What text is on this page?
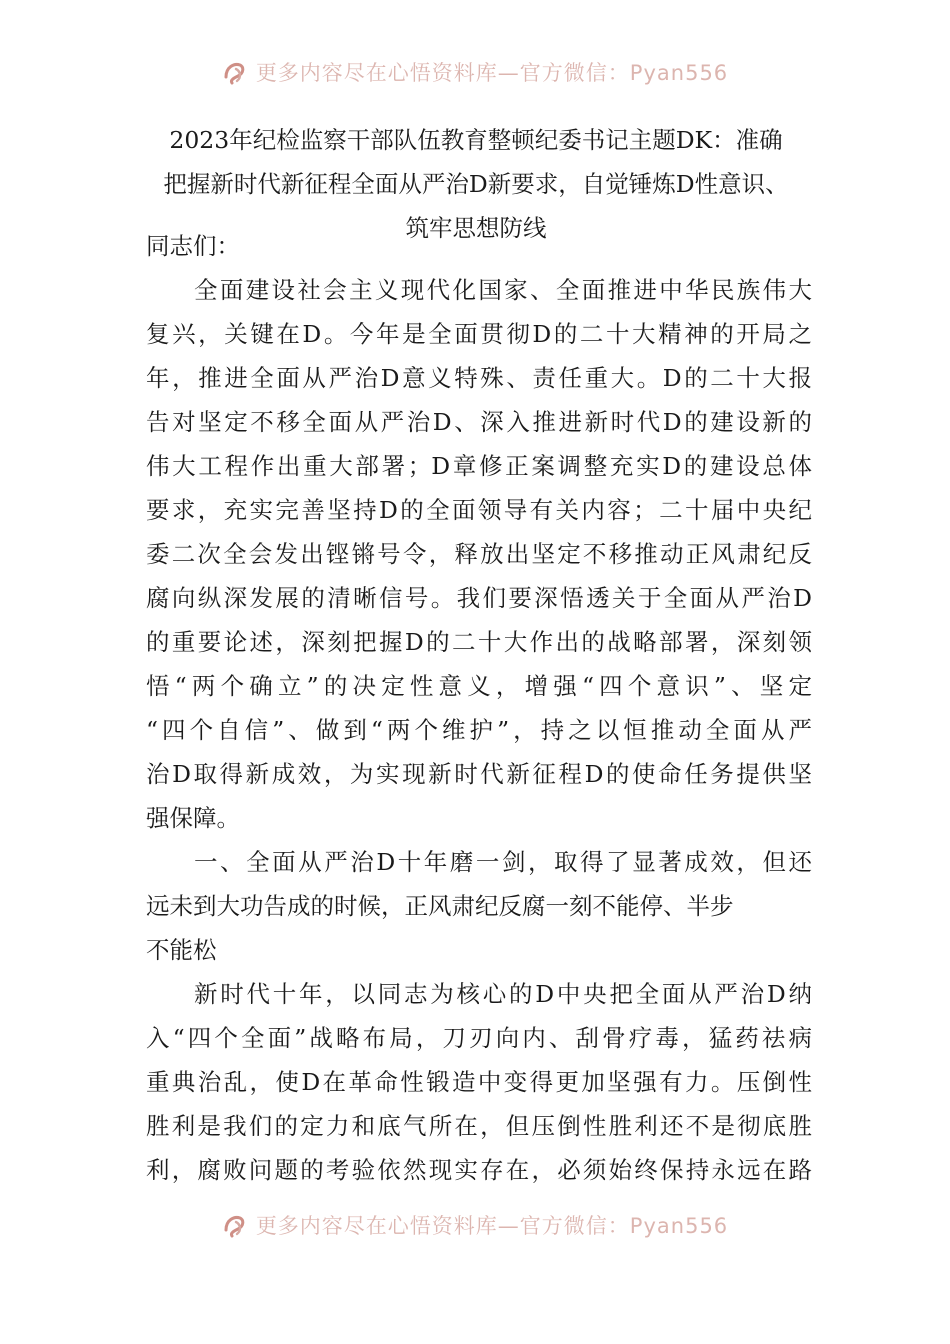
更多内容尽在心悟资料库—官方微信：Pyan556
2023年纪检监察干部队伍教育整顿纪委书记主题DK：准确
把握新时代新征程全面从严治D新要求，自觉锤炼D性意识、
筑牢思想防线
同志们：
全面建设社会主义现代化国家、全面推进中华民族伟大
复兴，关键在D。今年是全面贯彻D的二十大精神的开局之
年，推进全面从严治D意义特殊、责任重大。D的二十大报
告对坚定不移全面从严治D、深入推进新时代D的建设新的
伟大工程作出重大部署；D章修正案调整充实D的建设总体
要求，充实完善坚持D的全面领导有关内容；二十届中央纪
委二次全会发出铿锵号令，释放出坚定不移推动正风肃纪反
腐向纵深发展的清晰信号。我们要深悟透关于全面从严治D
的重要论述，深刻把握D的二十大作出的战略部署，深刻领
悟“两个确立”的决定性意义，增强“四个意识”、坚定
“四个自信”、做到“两个维护”，持之以恒推动全面从严
治D取得新成效，为实现新时代新征程D的使命任务提供坚
强保障。
一、全面从严治D十年磨一剑，取得了显著成效，但还
远未到大功告成的时候，正风肃纪反腐一刻不能停、半步
不能松
新时代十年，以同志为核心的D中央把全面从严治D纳
入“四个全面”战略布局，刀刃向内、刮骨疗毒，猛药祛病
重典治乱，使D在革命性锻造中变得更加坚强有力。压倒性
胜利是我们的定力和底气所在，但压倒性胜利还不是彻底胜
利，腐败问题的考验依然现实存在，必须始终保持永远在路
更多内容尽在心悟资料库—官方微信：Pyan556
